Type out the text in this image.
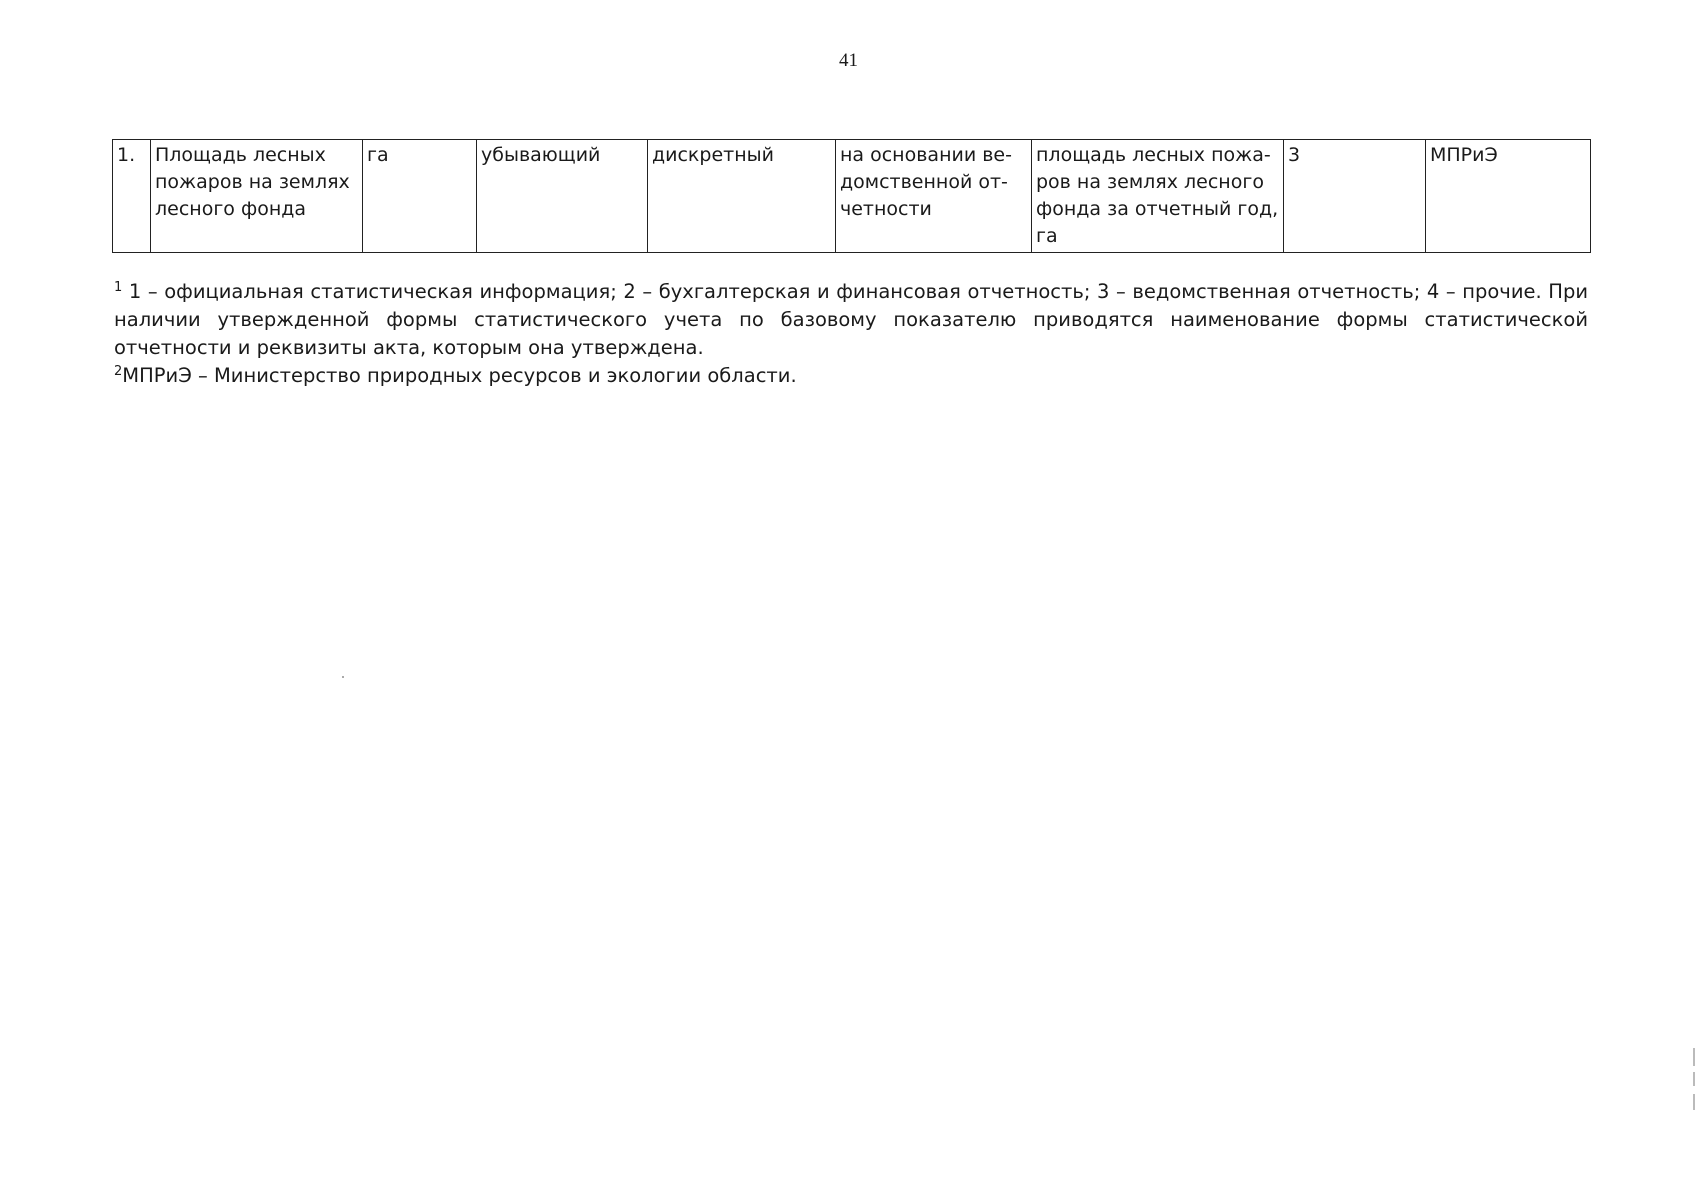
41
1.	Площадь лесных пожаров на землях лесного фонда	га	убывающий	дискретный	на основании ве-домственной от-четности	площадь лесных пожа-ров на землях лесного фонда за отчетный год, га	3	МПРиЭ

$^1$ 1 – официальная статистическая информация; 2 – бухгалтерская и финансовая отчетность; 3 – ведомственная отчетность; 4 – прочие. При наличии утвержденной формы статистического учета по базовому показателю приводятся наименование формы статистической отчетности и реквизиты акта, которым она утверждена.

$^2$МПРиЭ – Министерство природных ресурсов и экологии области.
